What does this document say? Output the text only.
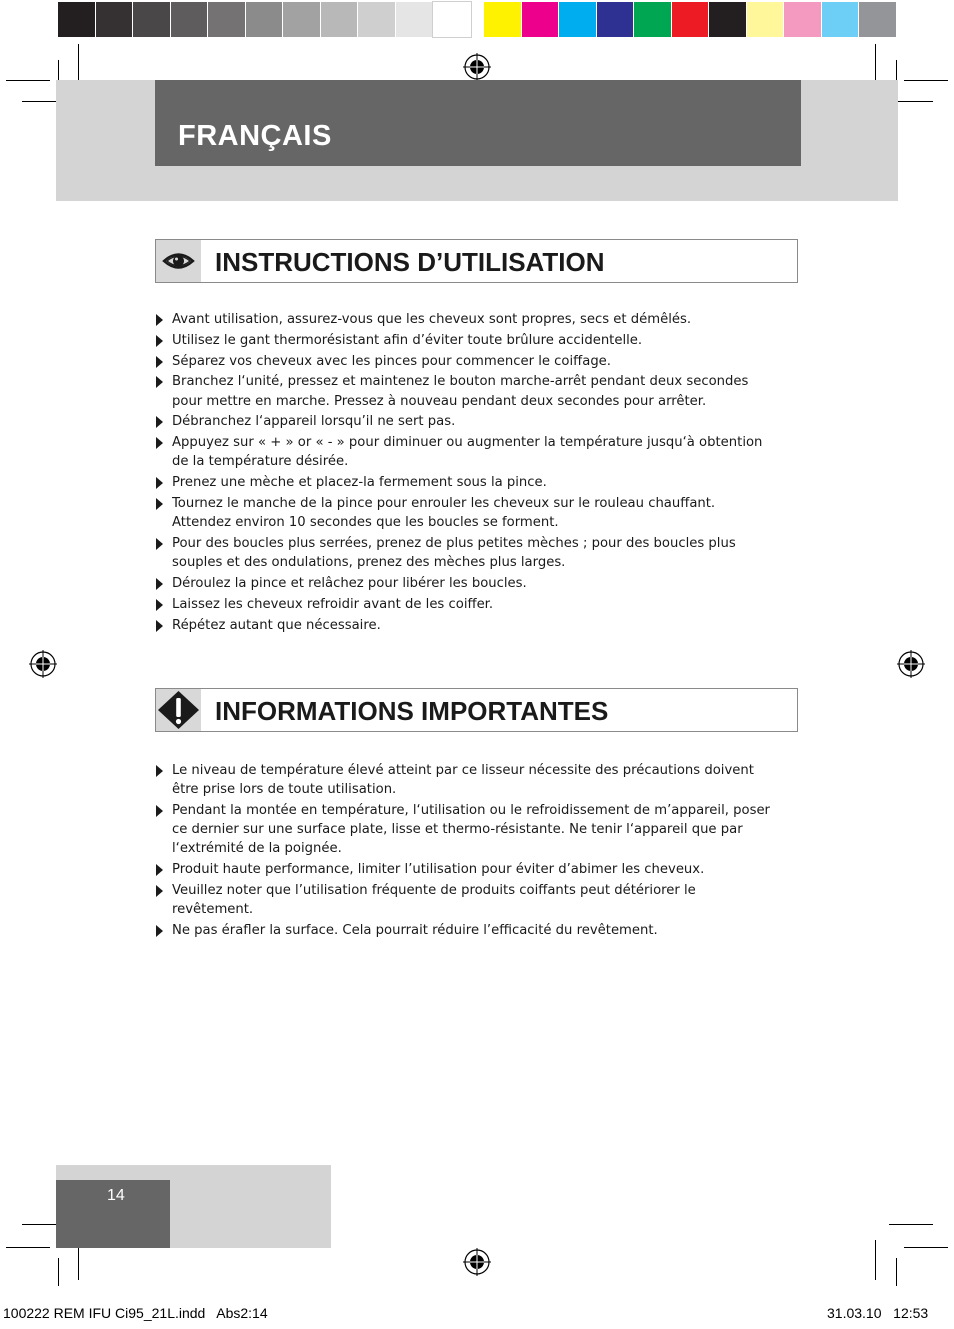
FRANÇAIS
INSTRUCTIONS D’UTILISATION
Avant utilisation, assurez-vous que les cheveux sont propres, secs et démêlés.
Utilisez le gant thermorésistant afin d’éviter toute brûlure accidentelle.
Séparez vos cheveux avec les pinces pour commencer le coiffage.
Branchez l‘unité, pressez et maintenez le bouton marche-arrêt pendant deux secondes pour mettre en marche. Pressez à nouveau pendant deux secondes pour arrêter.
Débranchez l‘appareil lorsqu’il ne sert pas.
Appuyez sur « + » or « - » pour diminuer ou augmenter la température jusqu‘à obtention de la température désirée.
Prenez une mèche et placez-la fermement sous la pince.
Tournez le manche de la pince pour enrouler les cheveux sur le rouleau chauffant. Attendez environ 10 secondes que les boucles se forment.
Pour des boucles plus serrées, prenez de plus petites mèches ; pour des boucles plus souples et des ondulations, prenez des mèches plus larges.
Déroulez la pince et relâchez pour libérer les boucles.
Laissez les cheveux refroidir avant de les coiffer.
Répétez autant que nécessaire.
INFORMATIONS IMPORTANTES
Le niveau de température élevé atteint par ce lisseur nécessite des précautions doivent être prise lors de toute utilisation.
Pendant la montée en température, l‘utilisation ou le refroidissement de m’appareil, poser ce dernier sur une surface plate, lisse et thermo-résistante. Ne tenir l‘appareil que par l‘extrémité de la poignée.
Produit haute performance, limiter l’utilisation pour éviter d’abimer les cheveux.
Veuillez noter que l’utilisation fréquente de produits coiffants peut détériorer le revêtement.
Ne pas érafler la surface. Cela pourrait réduire l’efficacité du revêtement.
14
100222 REM IFU Ci95_21L.indd   Abs2:14	31.03.10   12:53
